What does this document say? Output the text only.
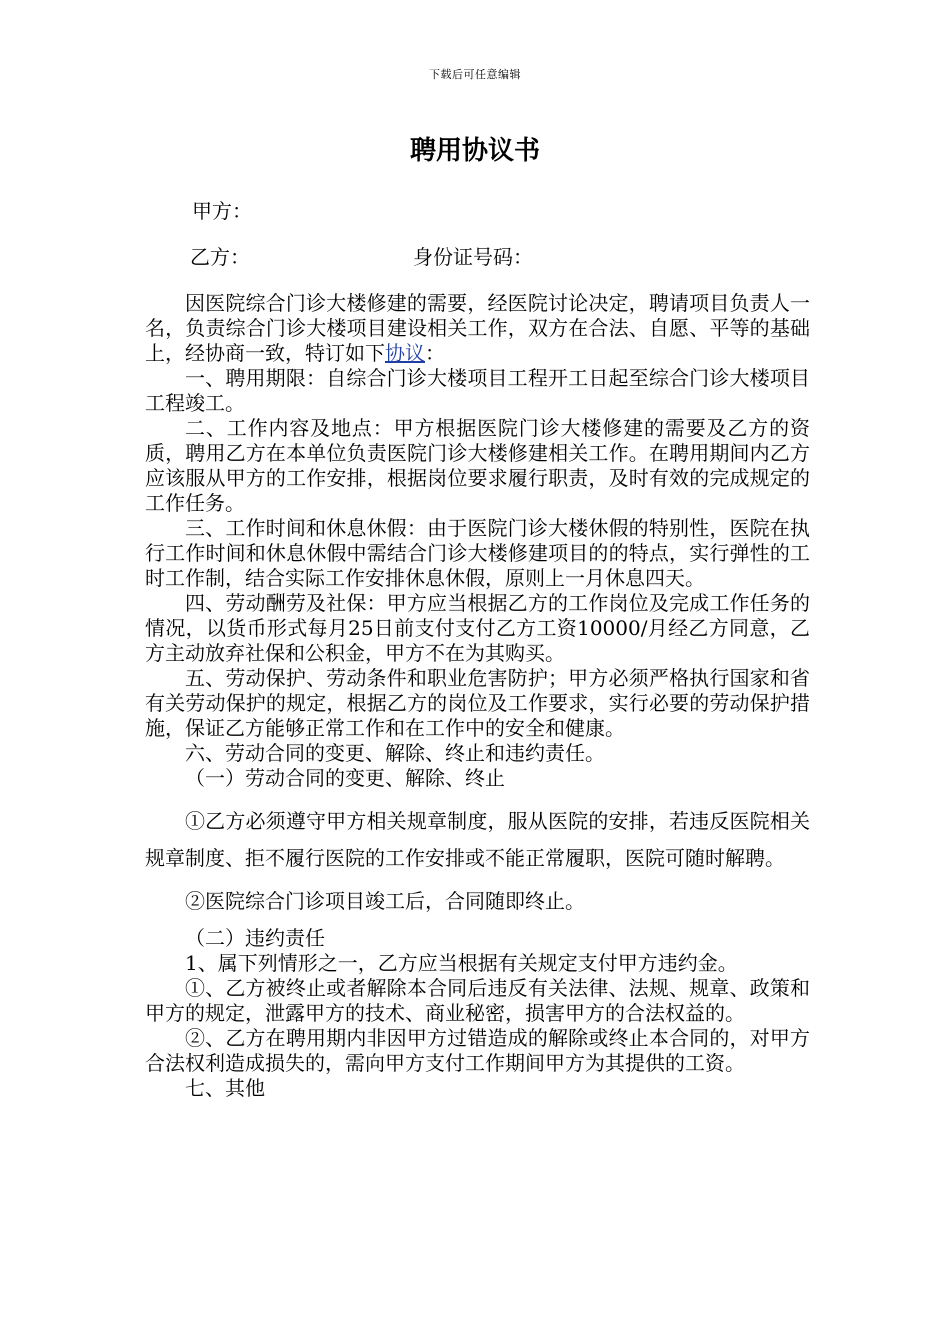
下载后可任意编辑
聘用协议书
甲方：
乙方：	身份证号码：

因医院综合门诊大楼修建的需要，经医院讨论决定，聘请项目负责人一名，负责综合门诊大楼项目建设相关工作，双方在合法、自愿、平等的基础上，经协商一致，特订如下协议：

一、聘用期限：自综合门诊大楼项目工程开工日起至综合门诊大楼项目工程竣工。

二、工作内容及地点：甲方根据医院门诊大楼修建的需要及乙方的资质，聘用乙方在本单位负责医院门诊大楼修建相关工作。在聘用期间内乙方应该服从甲方的工作安排，根据岗位要求履行职责，及时有效的完成规定的工作任务。

三、工作时间和休息休假：由于医院门诊大楼休假的特别性，医院在执行工作时间和休息休假中需结合门诊大楼修建项目的的特点，实行弹性的工时工作制，结合实际工作安排休息休假，原则上一月休息四天。

四、劳动酬劳及社保：甲方应当根据乙方的工作岗位及完成工作任务的情况，以货币形式每月25日前支付支付乙方工资10000/月经乙方同意，乙方主动放弃社保和公积金，甲方不在为其购买。

五、劳动保护、劳动条件和职业危害防护；甲方必须严格执行国家和省有关劳动保护的规定，根据乙方的岗位及工作要求，实行必要的劳动保护措施，保证乙方能够正常工作和在工作中的安全和健康。

六、劳动合同的变更、解除、终止和违约责任。

（一）劳动合同的变更、解除、终止

①乙方必须遵守甲方相关规章制度，服从医院的安排，若违反医院相关规章制度、拒不履行医院的工作安排或不能正常履职，医院可随时解聘。

②医院综合门诊项目竣工后，合同随即终止。

（二）违约责任

1、属下列情形之一，乙方应当根据有关规定支付甲方违约金。

①、乙方被终止或者解除本合同后违反有关法律、法规、规章、政策和甲方的规定，泄露甲方的技术、商业秘密，损害甲方的合法权益的。

②、乙方在聘用期内非因甲方过错造成的解除或终止本合同的，对甲方合法权利造成损失的，需向甲方支付工作期间甲方为其提供的工资。

七、其他
